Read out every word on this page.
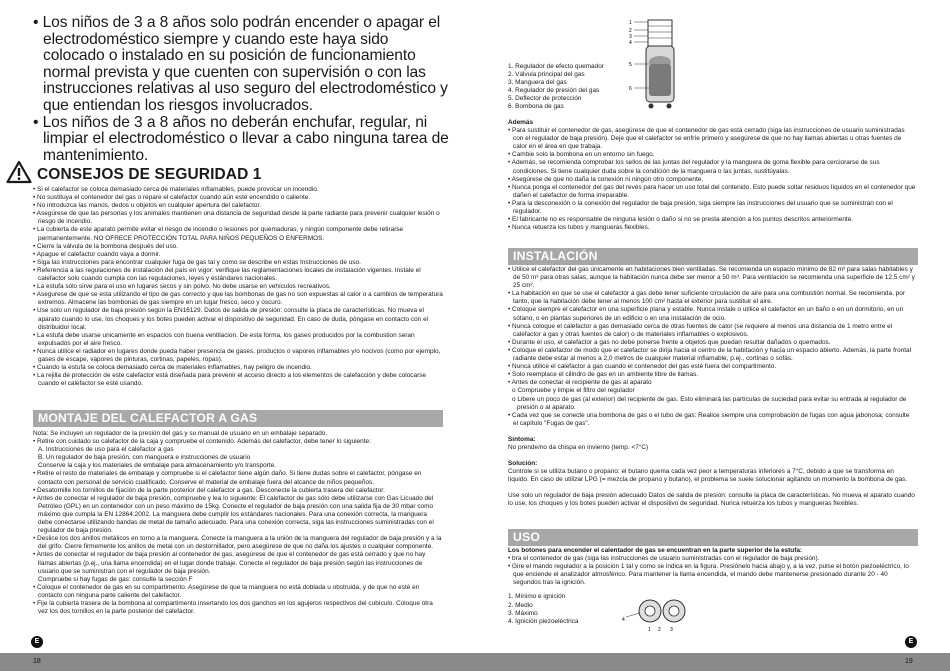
• Los niños de 3 a 8 años solo podrán encender o apagar el electrodoméstico siempre y cuando este haya sido colocado o instalado en su posición de funcionamiento normal prevista y que cuenten con supervisión o con las instrucciones relativas al uso seguro del electrodoméstico y que entiendan los riesgos involucrados.

• Los niños de 3 a 8 años no deberán enchufar, regular, ni limpiar el electrodoméstico o llevar a cabo ninguna tarea de mantenimiento.

CONSEJOS DE SEGURIDAD 1

• Si el calefactor se coloca demasiado cerca de materiales inflamables, puede provocar un incendio.

• No sustituya el contenedor del gas o repare el calefactor cuando aún esté encendido o caliente.

• No introduzca las manos, dedos u objetos en cualquier apertura del calefactor.

• Asegúrese de que las personas y los animales mantienen una distancia de seguridad desde la parte radiante para prevenir cualquier lesión o riesgo de incendio.

• La cubierta de este aparato permite evitar el riesgo de incendio o lesiones por quemaduras, y ningún componente debe retirarse permanentemente. NO OFRECE PROTECCIÓN TOTAL PARA NIÑOS PEQUEÑOS O ENFERMOS.

• Cierre la válvula de la bombona después del uso.

• Apague el calefactor cuando vaya a dormir.

• Siga las instrucciones para encontrar cualquier fuga de gas tal y como se describe en estas Instrucciones de uso.

• Referencia a las regulaciones de instalación del país en vigor: verifique las reglamentaciones locales de instalación vigentes. Instale el calefactor solo cuando cumpla con las regulaciones, leyes y estándares nacionales.

• La estufa sólo sirve para el uso en lugares secos y sin polvo. No debe usarse en vehículos recreativos.

• Asegurese de que se esta utilizando el tipo de gas correcto y que las bombonas de gas no son expuestas al calor o a cambios de temperatura extremos. Almacene las bombonas de gas siempre en un lugar fresco, seco y oscuro.

• Use solo un regulador de baja presión según la EN16129. Datos de salida de presión: consulte la placa de características. No mueva el aparato cuando lo use, los choques y los botes pueden activar el dispositivo de seguridad. En caso de duda, póngase en contacto con el distribuidor local.

• La estufa debe usarse unicamente en espacios con buena ventilacion. De esta forma, los gases producidos por la combustion seran expulsados por el aire fresco.

• Nunca utilice el radiador en lugares donde pueda haber presencia de gases, productos o vapores inflamables y/o nocivos (como por ejemplo, gases de escape, vapores de pinturas, cortinas, papeles, ropas).

• Cuando la estufa se coloca demasiado cerca de materiales inflamables, hay peligro de incendio.

• La rejilla de protección de este calefactor está diseñada para prevenir el acceso directo a los elementos de calefacción y debe colocarse cuando el calefactor se esté usando.

MONTAJE DEL CALEFACTOR A GAS

Nota: Se incluyen un regulador de la presión del gas y su manual de usuario en un embalaje separado.

• Retire con cuidado su calefactor de la caja y compruebe el contenido. Además del calefactor, debe tener lo siguiente:

A. Instrucciones de uso para el calefactor a gas

B. Un regulador de baja presión, con manguera e instrucciones de usuario

Conserve la caja y los materiales de embalaje para almacenamiento y/o transporte.

• Retire el resto de materiales de embalaje y compruebe si el calefactor tiene algún daño. Si tiene dudas sobre el calefactor, póngase en contacto con personal de servicio cualificado. Conserve el material de embalaje fuera del alcance de niños pequeños.

• Desatornille los tornillos de fijación de la parte posterior del calefactor a gas. Desconecte la cubierta trasera del calefactor.

• Antes de conectar el regulador de baja presión, compruebe y lea lo siguiente: El calefactor de gas sólo debe utilizarse con Gas Licuado del Petróleo (GPL) en un contenedor con un peso máximo de 15kg. Conecte el regulador de baja presión con una salida fija de 30 mbar como máximo que cumpla la EN 12864:2002. La manguera debe cumplir los estándares nacionales. Para una conexión correcta, la manguera debe conectarse utilizando bandas de metal de tamaño adecuado. Para una conexión correcta, siga las instrucciones suministradas con el regulador de baja presión.

• Deslice los dos anillos metálicos en torno a la manguera. Conecte la manguera a la unión de la manguera del regulador de baja presión y a la del grifo. Cierre firmemente los anillos de metal con un destornillador, pero asegúrese de que no daña los ajustes o cualquier componente.

• Antes de conectar el regulador de baja presión al contenedor de gas, asegúrese de que el contenedor de gas está cerrado y que no hay llamas abiertas (p.ej., una llama encendida) en el lugar donde trabaje. Conecte el regulador de baja presión según las instrucciones de usuario que se suministran con el regulador de baja presión.

Compruebe si hay fugas de gas: consulte la sección F

• Coloque el contenedor de gas en su compartimento. Asegúrese de que la manguera no está doblada u obstruida, y de que no esté en contacto con ninguna parte caliente del calefactor.

• Fije la cubierta trasera de la bombona al compartimento insertando los dos ganchos en los agujeros respectivos del cubículo. Coloque otra vez los dos tornillos en la parte posterior del calefactor.

1
2
3
4
5
6

1. Regulador de efecto quemador

2. Válvula principal del gas

3. Manguera del gas

4. Regulador de presión del gas

5. Deflector de protección

6. Bombona de gas

Además

• Para sustituir el contenedor de gas, asegúrese de que el contenedor de gas está cerrado (siga las instrucciones de usuario suministradas con el regulador de baja presión). Deje que el calefactor se enfríe primero y asegúrese de que no hay llamas abiertas u otras fuentes de calor en el área en que trabaja.

• Cambie solo la bombona en un entorno sin fuego.

• Además, se recomienda comprobar los sellos de las juntas del regulador y la manguera de goma flexible para cerciorarse de sus condiciones. Si tiene cualquier duda sobre la condición de la manguera o las juntas, sustitúyalas.

• Asegúrese de que no daña la conexión ni ningún otro componente.

• Nunca ponga el contenedor del gas del revés para hacer un uso total del contenido. Esto puede soltar residuos líquidos en el contenedor que dañen el calefactor de forma irreparable.

• Para la desconexión o la conexión del regulador de baja presión, siga siempre las instrucciones del usuario que se suministran con el regulador.

• El fabricante no es responsable de ninguna lesión o daño si no se presta atención a los puntos descritos anteriormente.

• Nunca retuerza los tubos y mangueras flexibles.

INSTALACIÓN

• Utilice el calefactor del gas únicamente en habitaciones bien ventiladas. Se recomienda un espacio mínimo de 82 m³ para salas habitables y de 50 m³ para otras salas, aunque la habitación nunca debe ser menor a 50 m³. Para ventilación se recomienda una superficie de 12,5 cm² y 25 cm².

• La habitación en que se use el calefactor a gas debe tener suficiente circulación de aire para una combustión normal. Se recomienda, por tanto, que la habitación debe tener al menos 100 cm² hasta el exterior para sustituir el aire.

• Coloque siempre el calefactor en una superficie plana y estable. Nunca instale o utilice el calefactor en un baño o en un dormitorio, en un sótano, o en plantas superiores de un edificio o en una instalación de ocio.

• Nunca coloque el calefactor a gas demasiado cerca de otras fuentes de calor (se requiere al menos una distancia de 1 metro entre el calefactor a gas y otras fuentes de calor) o de materiales inflamables o explosivos.

• Durante el uso, el calefactor a gas no debe ponerse frente a objetos que puedan resultar dañados o quemados.

• Coloque el calefactor de modo que el calefactor se dirija hacia el centro de la habitación y hacia un espacio abierto. Además, la parte frontal radiante debe estar al menos a 2,0 metros de cualquier material inflamable, p.ej., cortinas o sofás.

• Nunca utilice el calefactor a gas cuando el contenedor del gas esté fuera del compartimento.

• Solo reemplace el cilindro de gas en un ambiente libre de llamas.

• Antes de conectar el recipiente de gas al aparato

o Compruebe y limpie el filtro del regulador

o Libere un poco de gas (al exterior) del recipiente de gas. Esto eliminará las partículas de suciedad para evitar su entrada al regulador de presión o al aparato.

• Cada vez que se conecte una bombona de gas o el tubo de gas: Realice siempre una comprobación de fugas con agua jabonosa; consulte el capítulo "Fugas de gas".

Síntoma:

No prende/no da chispa en invierno (temp. <7°C)

Solución:

Controle si se utiliza butano o propano: el butano quema cada vez peor a temperaturas inferiores a 7°C, debido a que se transforma en líquido. En caso de utilizar LPG (= mezcla de propano y butano), el problema se suele solucionar agitando un momento la bombona de gas.

Use solo un regulador de baja presión adecuado Datos de salida de presión: consulte la placa de características. No mueva el aparato cuando lo use, los choques y los botes pueden activar el dispositivo de seguridad. Nunca retuerza los tubos y mangueras flexibles.

USO

Los botones para encender el calentador de gas se encuentran en la parte superior de la estufa:

• bra el contenedor de gas (siga las instrucciones de usuario suministradas con el regulador de baja presión).

• Gire el mando regulador a la posición 1 tal y como se indica en la figura. Presiónelo hacia abajo y, a la vez, pulse el botón piezoeléctrico, lo que enciende el analizador atmosférico. Para mantener la llama encendida, el mando debe mantenerse presionado durante 20 - 40 segundos tras la ignición.

1. Mínimo e ignición

2. Medio

3. Máximo

4. Ignición piezoeléctrica	4
1 2 3
E	E
18	19
